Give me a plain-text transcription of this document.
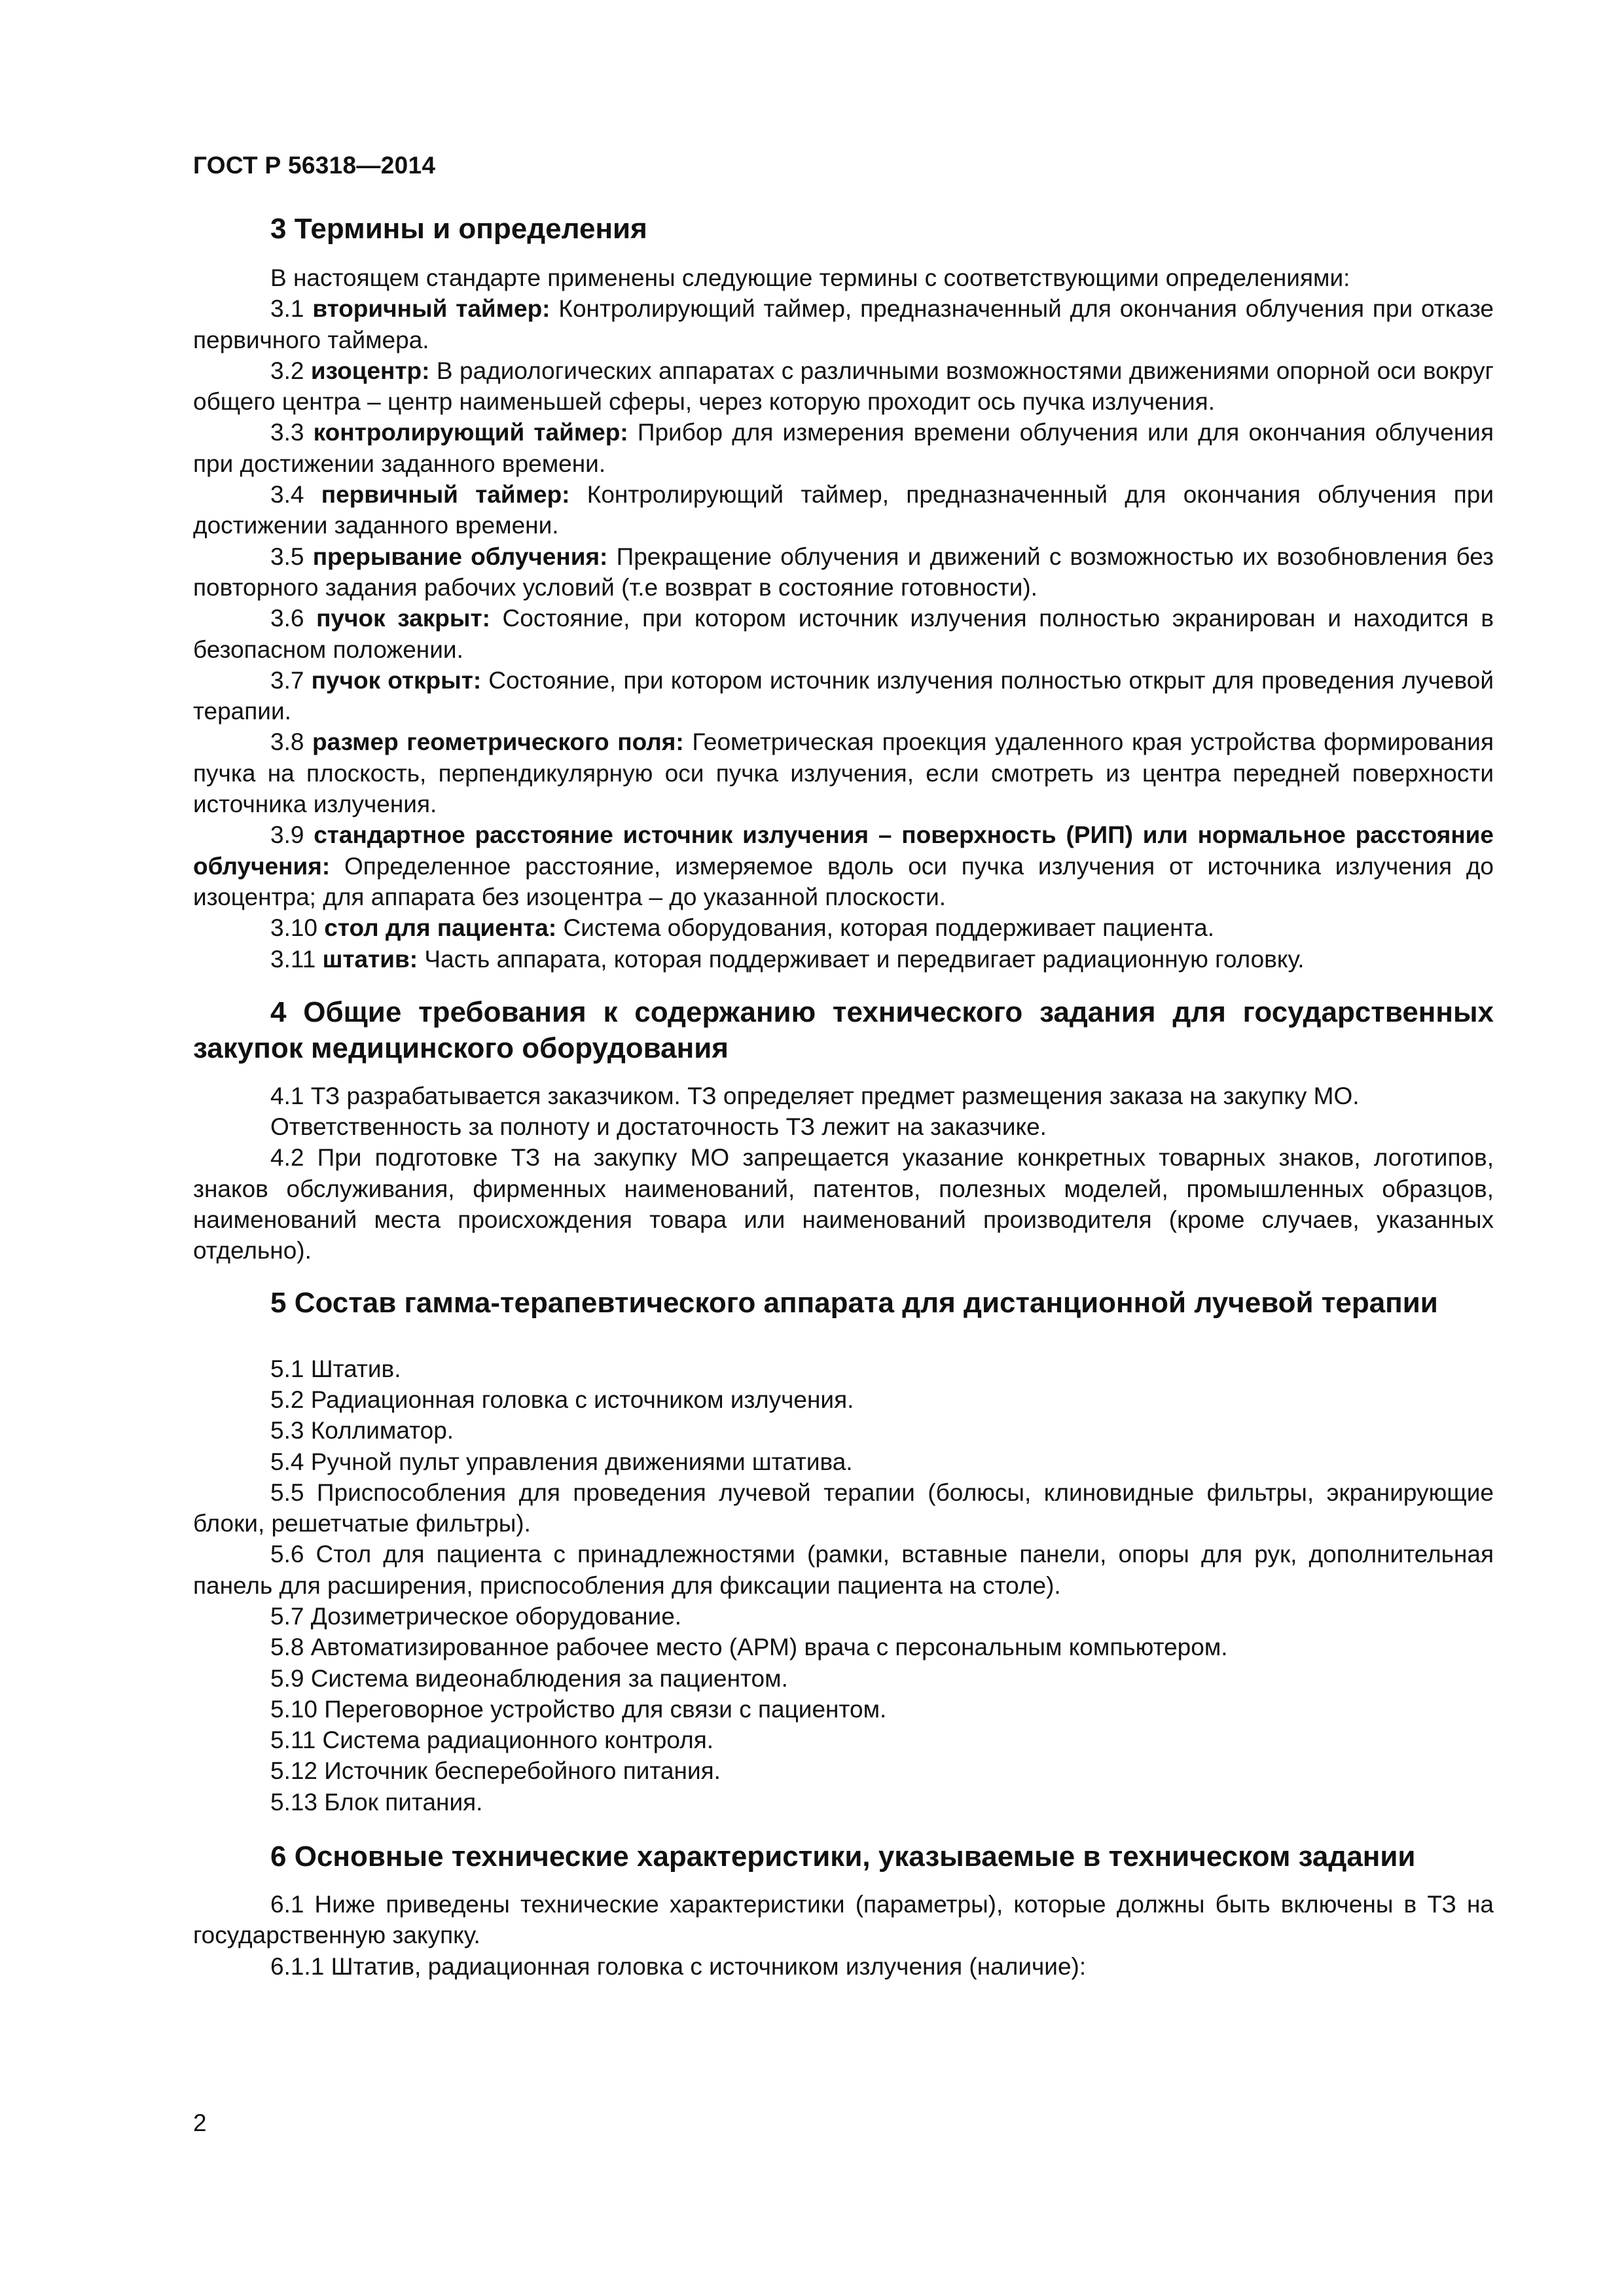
ГОСТ Р 56318—2014
3 Термины и определения

В настоящем стандарте применены следующие термины с соответствующими определениями:

3.1 вторичный таймер: Контролирующий таймер, предназначенный для окончания облучения при отказе первичного таймера.

3.2 изоцентр: В радиологических аппаратах с различными возможностями движениями опорной оси вокруг общего центра – центр наименьшей сферы, через которую проходит ось пучка излучения.

3.3 контролирующий таймер: Прибор для измерения времени облучения или для окончания облучения при достижении заданного времени.

3.4 первичный таймер: Контролирующий таймер, предназначенный для окончания облучения при достижении заданного времени.

3.5 прерывание облучения: Прекращение облучения и движений с возможностью их возобновления без повторного задания рабочих условий (т.е возврат в состояние готовности).

3.6 пучок закрыт: Состояние, при котором источник излучения полностью экранирован и находится в безопасном положении.

3.7 пучок открыт: Состояние, при котором источник излучения полностью открыт для проведения лучевой терапии.

3.8 размер геометрического поля: Геометрическая проекция удаленного края устройства формирования пучка на плоскость, перпендикулярную оси пучка излучения, если смотреть из центра передней поверхности источника излучения.

3.9 стандартное расстояние источник излучения – поверхность (РИП) или нормальное расстояние облучения: Определенное расстояние, измеряемое вдоль оси пучка излучения от источника излучения до изоцентра; для аппарата без изоцентра – до указанной плоскости.

3.10 стол для пациента: Система оборудования, которая поддерживает пациента.

3.11 штатив: Часть аппарата, которая поддерживает и передвигает радиационную головку.

4 Общие требования к содержанию технического задания для государственных закупок медицинского оборудования

4.1 ТЗ разрабатывается заказчиком. ТЗ определяет предмет размещения заказа на закупку МО.

Ответственность за полноту и достаточность ТЗ лежит на заказчике.

4.2 При подготовке ТЗ на закупку МО запрещается указание конкретных товарных знаков, логотипов, знаков обслуживания, фирменных наименований, патентов, полезных моделей, промышленных образцов, наименований места происхождения товара или наименований производителя (кроме случаев, указанных отдельно).

5 Состав гамма-терапевтического аппарата для дистанционной лучевой терапии

5.1 Штатив.

5.2 Радиационная головка с источником излучения.

5.3 Коллиматор.

5.4 Ручной пульт управления движениями штатива.

5.5 Приспособления для проведения лучевой терапии (болюсы, клиновидные фильтры, экранирующие блоки, решетчатые фильтры).

5.6 Стол для пациента с принадлежностями (рамки, вставные панели, опоры для рук, дополнительная панель для расширения, приспособления для фиксации пациента на столе).

5.7 Дозиметрическое оборудование.

5.8 Автоматизированное рабочее место (АРМ) врача с персональным компьютером.

5.9 Система видеонаблюдения за пациентом.

5.10 Переговорное устройство для связи с пациентом.

5.11 Система радиационного контроля.

5.12 Источник бесперебойного питания.

5.13 Блок питания.

6 Основные технические характеристики, указываемые в техническом задании

6.1 Ниже приведены технические характеристики (параметры), которые должны быть включены в ТЗ на государственную закупку.

6.1.1 Штатив, радиационная головка с источником излучения (наличие):

2
